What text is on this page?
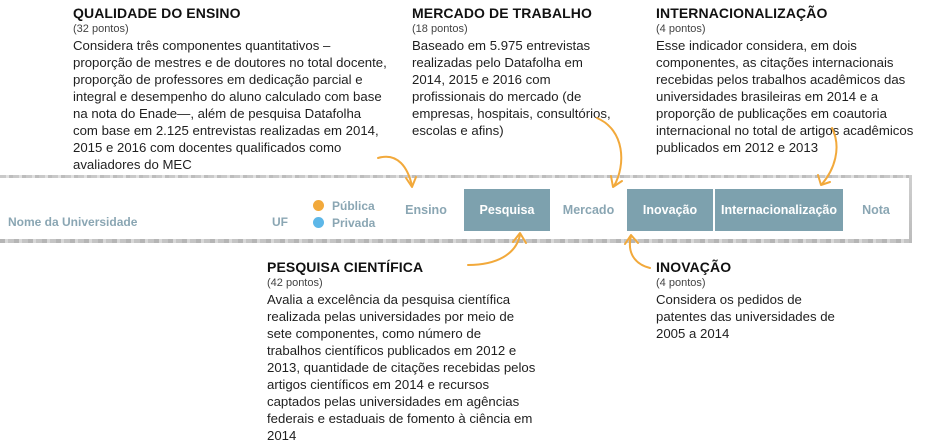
QUALIDADE DO ENSINO
(32 pontos)
Considera três componentes quantitativos –proporção de mestres e de doutores no total docente, proporção de professores em dedicação parcial e integral e desempenho do aluno calculado com base na nota do Enade—, além de pesquisa Datafolha com base em 2.125 entrevistas realizadas em 2014, 2015 e 2016 com docentes qualificados como avaliadores do MEC
MERCADO DE TRABALHO
(18 pontos)
Baseado em 5.975 entrevistas realizadas pelo Datafolha em 2014, 2015 e 2016 com profissionais do mercado (de empresas, hospitais, consultórios, escolas e afins)
INTERNACIONALIZAÇÃO
(4 pontos)
Esse indicador considera, em dois componentes, as citações internacionais recebidas pelos trabalhos acadêmicos das universidades brasileiras em 2014 e a proporção de publicações em coautoria internacional no total de artigos acadêmicos publicados em 2012 e 2013
Nome da Universidade	UF
Pública
Privada
Ensino	Pesquisa	Mercado	Inovação	Internacionalização	Nota
PESQUISA CIENTÍFICA
(42 pontos)
Avalia a excelência da pesquisa científica realizada pelas universidades por meio de sete componentes, como número de trabalhos científicos publicados em 2012 e 2013, quantidade de citações recebidas pelos artigos científicos em 2014 e recursos captados pelas universidades em agências federais e estaduais de fomento à ciência em 2014
INOVAÇÃO
(4 pontos)
Considera os pedidos de patentes das universidades de 2005 a 2014
